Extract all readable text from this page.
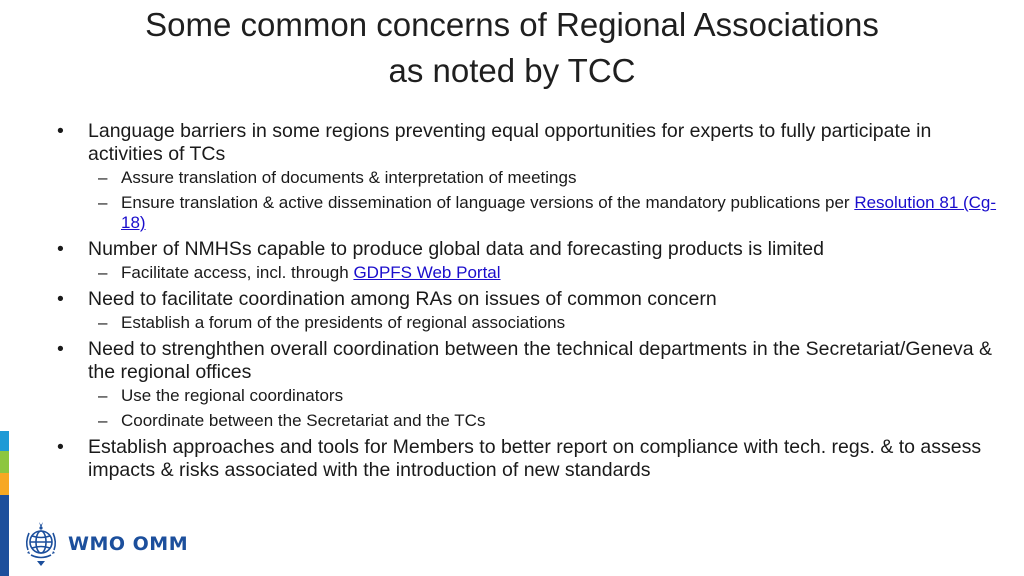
Some common concerns of Regional Associations
as noted by TCC
•	Language barriers in some regions preventing equal opportunities for experts to fully participate in activities of TCs
– Assure translation of documents & interpretation of meetings
– Ensure translation & active dissemination of language versions of the mandatory publications per Resolution 81 (Cg-18)
•	Number of NMHSs capable to produce global data and forecasting products is limited
– Facilitate access, incl. through GDPFS Web Portal
•	Need to facilitate coordination among RAs on issues of common concern
– Establish a forum of the presidents of regional associations
•	Need to strenghthen overall coordination between the technical departments in the Secretariat/Geneva & the regional offices
– Use the regional coordinators
– Coordinate between the Secretariat and the TCs
•	Establish approaches and tools for Members to better report on compliance with tech. regs. & to assess impacts & risks associated with the introduction of new standards
WMO OMM
